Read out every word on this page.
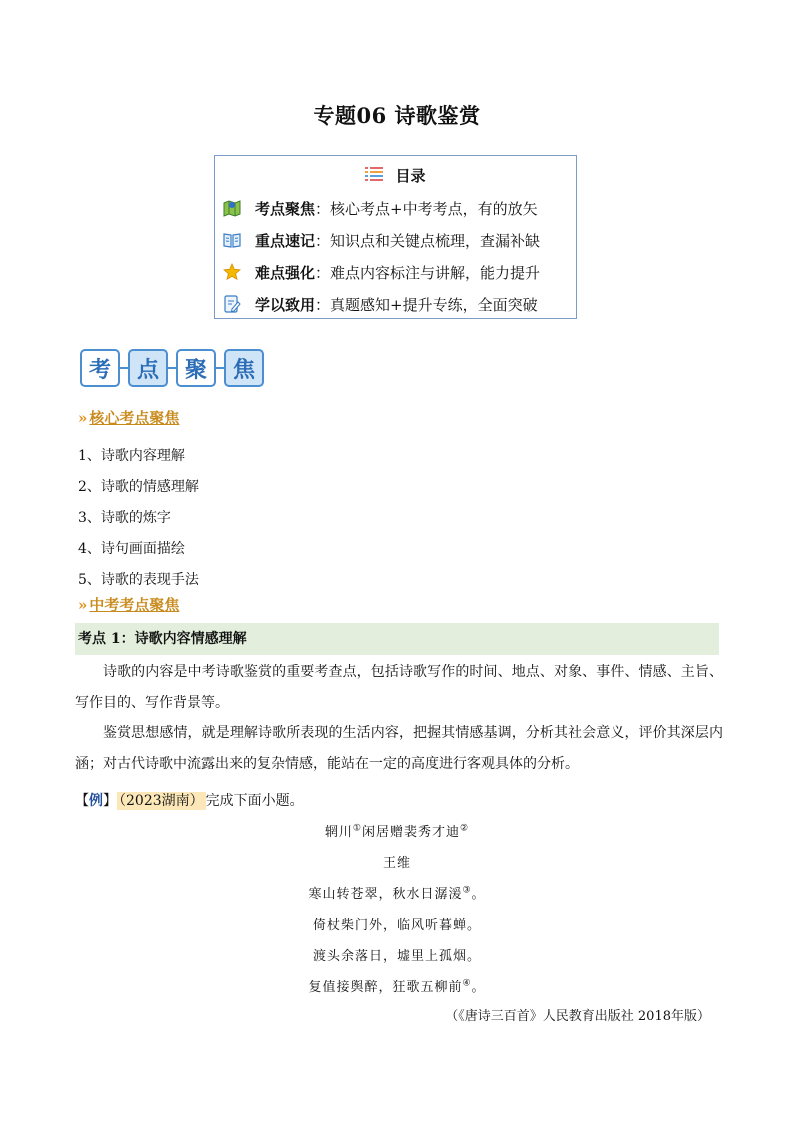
专题06 诗歌鉴赏
目录
考点聚焦：核心考点+中考考点，有的放矢
重点速记：知识点和关键点梳理，查漏补缺
难点强化：难点内容标注与讲解，能力提升
学以致用：真题感知+提升专练，全面突破
考	点	聚	焦
» 核心考点聚焦
1、诗歌内容理解
2、诗歌的情感理解
3、诗歌的炼字
4、诗句画面描绘
5、诗歌的表现手法
» 中考考点聚焦
考点 1：诗歌内容情感理解
诗歌的内容是中考诗歌鉴赏的重要考查点，包括诗歌写作的时间、地点、对象、事件、情感、主旨、写作目的、写作背景等。
鉴赏思想感情，就是理解诗歌所表现的生活内容，把握其情感基调，分析其社会意义，评价其深层内涵；对古代诗歌中流露出来的复杂情感，能站在一定的高度进行客观具体的分析。
【例】 （2023湖南） 完成下面小题。
辋川①闲居赠裴秀才迪②
王维
寒山转苍翠，秋水日潺湲③。
倚杖柴门外，临风听暮蝉。
渡头余落日，墟里上孤烟。
复值接舆醉，狂歌五柳前④。
（《唐诗三百首》人民教育出版社 2018年版）
